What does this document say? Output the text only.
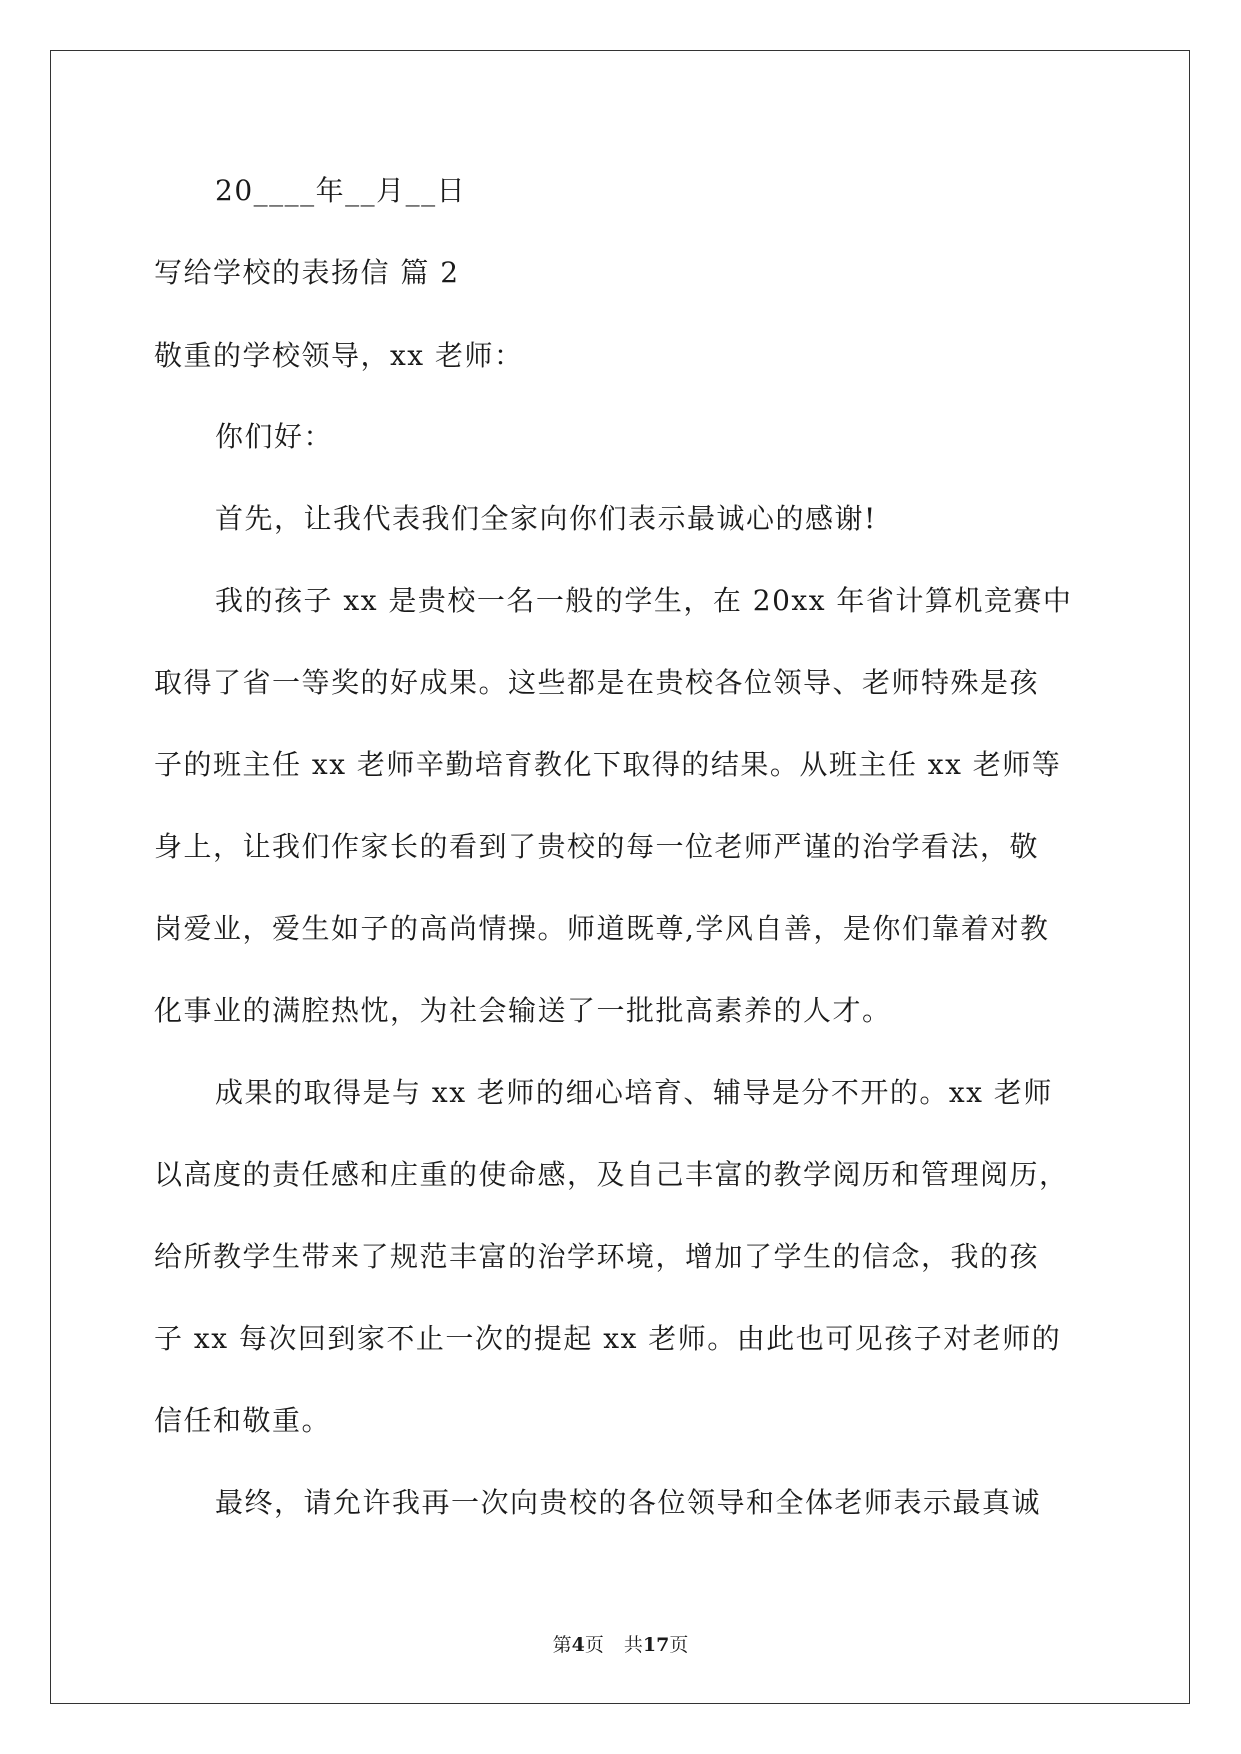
20____年__月__日
写给学校的表扬信 篇 2
敬重的学校领导，xx 老师：
你们好：
首先，让我代表我们全家向你们表示最诚心的感谢!
我的孩子 xx 是贵校一名一般的学生，在 20xx 年省计算机竞赛中
取得了省一等奖的好成果。这些都是在贵校各位领导、老师特殊是孩
子的班主任 xx 老师辛勤培育教化下取得的结果。从班主任 xx 老师等
身上，让我们作家长的看到了贵校的每一位老师严谨的治学看法，敬
岗爱业，爱生如子的高尚情操。师道既尊,学风自善，是你们靠着对教
化事业的满腔热忱，为社会输送了一批批高素养的人才。
成果的取得是与 xx 老师的细心培育、辅导是分不开的。xx 老师
以高度的责任感和庄重的使命感，及自己丰富的教学阅历和管理阅历，
给所教学生带来了规范丰富的治学环境，增加了学生的信念，我的孩
子 xx 每次回到家不止一次的提起 xx 老师。由此也可见孩子对老师的
信任和敬重。
最终，请允许我再一次向贵校的各位领导和全体老师表示最真诚
第4页 共17页
